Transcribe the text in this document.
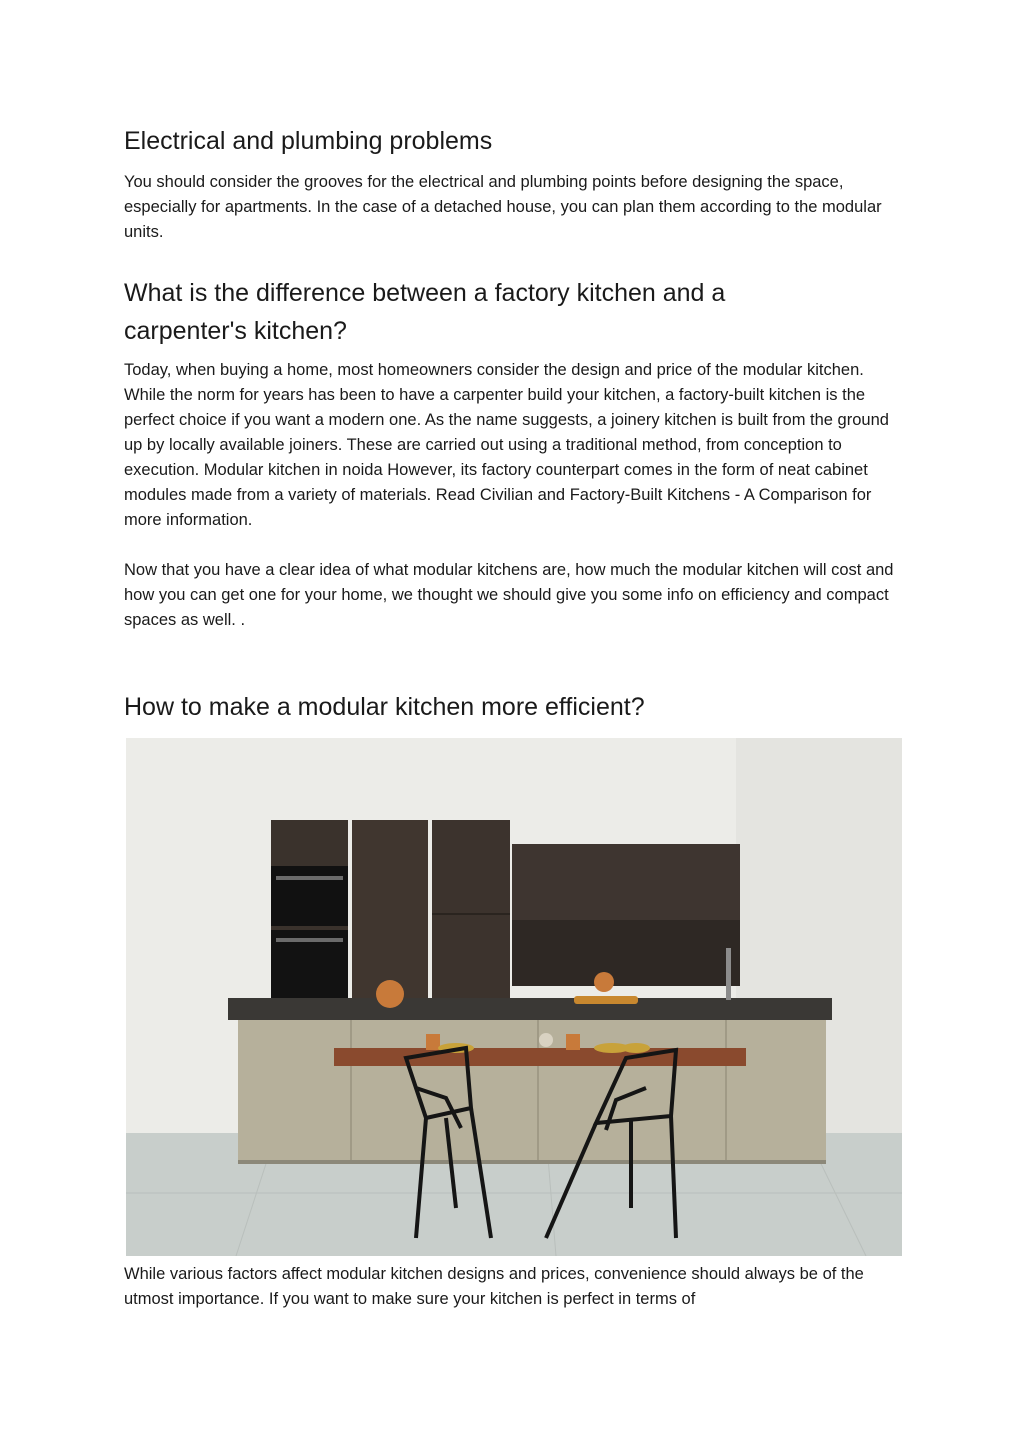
Electrical and plumbing problems

You should consider the grooves for the electrical and plumbing points before designing the space, especially for apartments. In the case of a detached house, you can plan them according to the modular units.

What is the difference between a factory kitchen and a carpenter's kitchen?

Today, when buying a home, most homeowners consider the design and price of the modular kitchen. While the norm for years has been to have a carpenter build your kitchen, a factory-built kitchen is the perfect choice if you want a modern one. As the name suggests, a joinery kitchen is built from the ground up by locally available joiners. These are carried out using a traditional method, from conception to execution. Modular kitchen in noida However, its factory counterpart comes in the form of neat cabinet modules made from a variety of materials. Read Civilian and Factory-Built Kitchens - A Comparison for more information.

Now that you have a clear idea of what modular kitchens are, how much the modular kitchen will cost and how you can get one for your home, we thought we should give you some info on efficiency and compact spaces as well. .

How to make a modular kitchen more efficient?

While various factors affect modular kitchen designs and prices, convenience should always be of the utmost importance. If you want to make sure your kitchen is perfect in terms of
